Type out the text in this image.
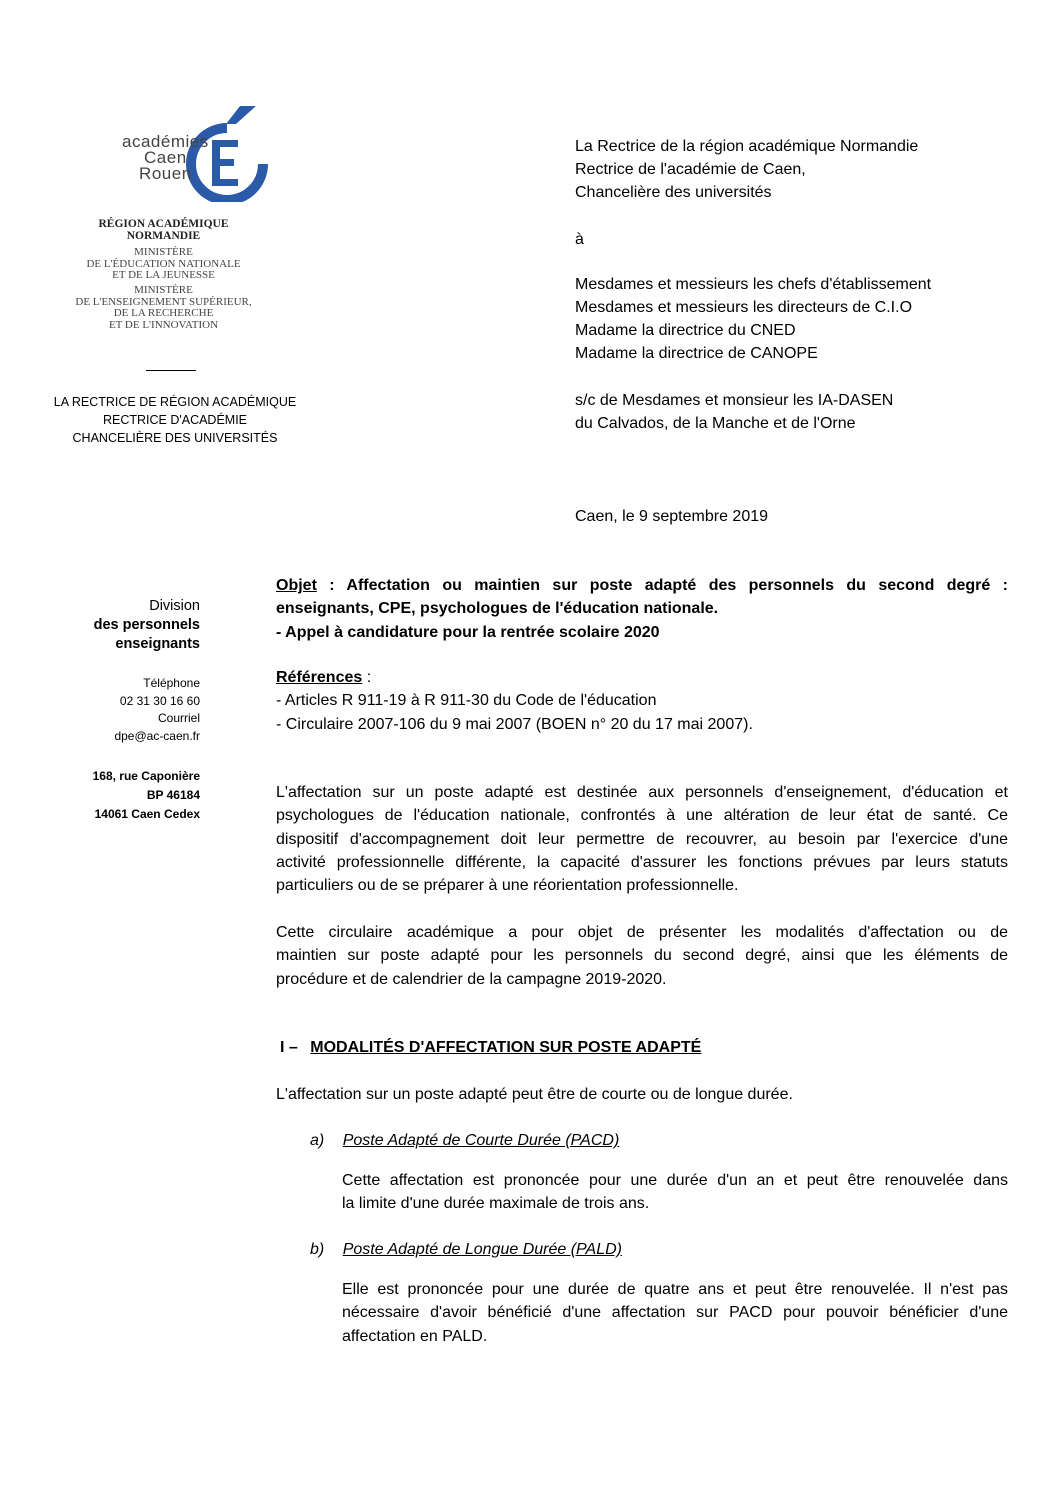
académies
Caen
Rouen
RÉGION ACADÉMIQUE
NORMANDIE
MINISTÈRE
DE L'ÉDUCATION NATIONALE
ET DE LA JEUNESSE
MINISTÈRE
DE L'ENSEIGNEMENT SUPÉRIEUR,
DE LA RECHERCHE
ET DE L'INNOVATION
LA RECTRICE DE RÉGION ACADÉMIQUE
RECTRICE D'ACADÉMIE
CHANCELIÈRE DES UNIVERSITÉS
La Rectrice de la région académique Normandie
Rectrice de l'académie de Caen,
Chancelière des universités
à
Mesdames et messieurs les chefs d'établissement
Mesdames et messieurs les directeurs de C.I.O
Madame la directrice du CNED
Madame la directrice de CANOPE
s/c de Mesdames et monsieur les IA-DASEN
du Calvados, de la Manche et de l'Orne
Caen, le 9 septembre 2019
Division
des personnels
enseignants
Téléphone
02 31 30 16 60
Courriel
dpe@ac-caen.fr
168, rue Caponière
BP 46184
14061 Caen Cedex
Objet : Affectation ou maintien sur poste adapté des personnels du second degré :
enseignants, CPE, psychologues de l'éducation nationale.
- Appel à candidature pour la rentrée scolaire 2020
Références :
- Articles R 911-19 à R 911-30 du Code de l'éducation
- Circulaire 2007-106 du 9 mai 2007 (BOEN n° 20 du 17 mai 2007).
L'affectation sur un poste adapté est destinée aux personnels d'enseignement, d'éducation et
psychologues de l'éducation nationale, confrontés à une altération de leur état de santé. Ce
dispositif d'accompagnement doit leur permettre de recouvrer, au besoin par l'exercice d'une
activité professionnelle différente, la capacité d'assurer les fonctions prévues par leurs statuts
particuliers ou de se préparer à une réorientation professionnelle.
Cette circulaire académique a pour objet de présenter les modalités d'affectation ou de
maintien sur poste adapté pour les personnels du second degré, ainsi que les éléments de
procédure et de calendrier de la campagne 2019-2020.
I – MODALITÉS D'AFFECTATION SUR POSTE ADAPTÉ
L'affectation sur un poste adapté peut être de courte ou de longue durée.
a) Poste Adapté de Courte Durée (PACD)
Cette affectation est prononcée pour une durée d'un an et peut être renouvelée dans
la limite d'une durée maximale de trois ans.
b) Poste Adapté de Longue Durée (PALD)
Elle est prononcée pour une durée de quatre ans et peut être renouvelée. Il n'est pas
nécessaire d'avoir bénéficié d'une affectation sur PACD pour pouvoir bénéficier d'une
affectation en PALD.
